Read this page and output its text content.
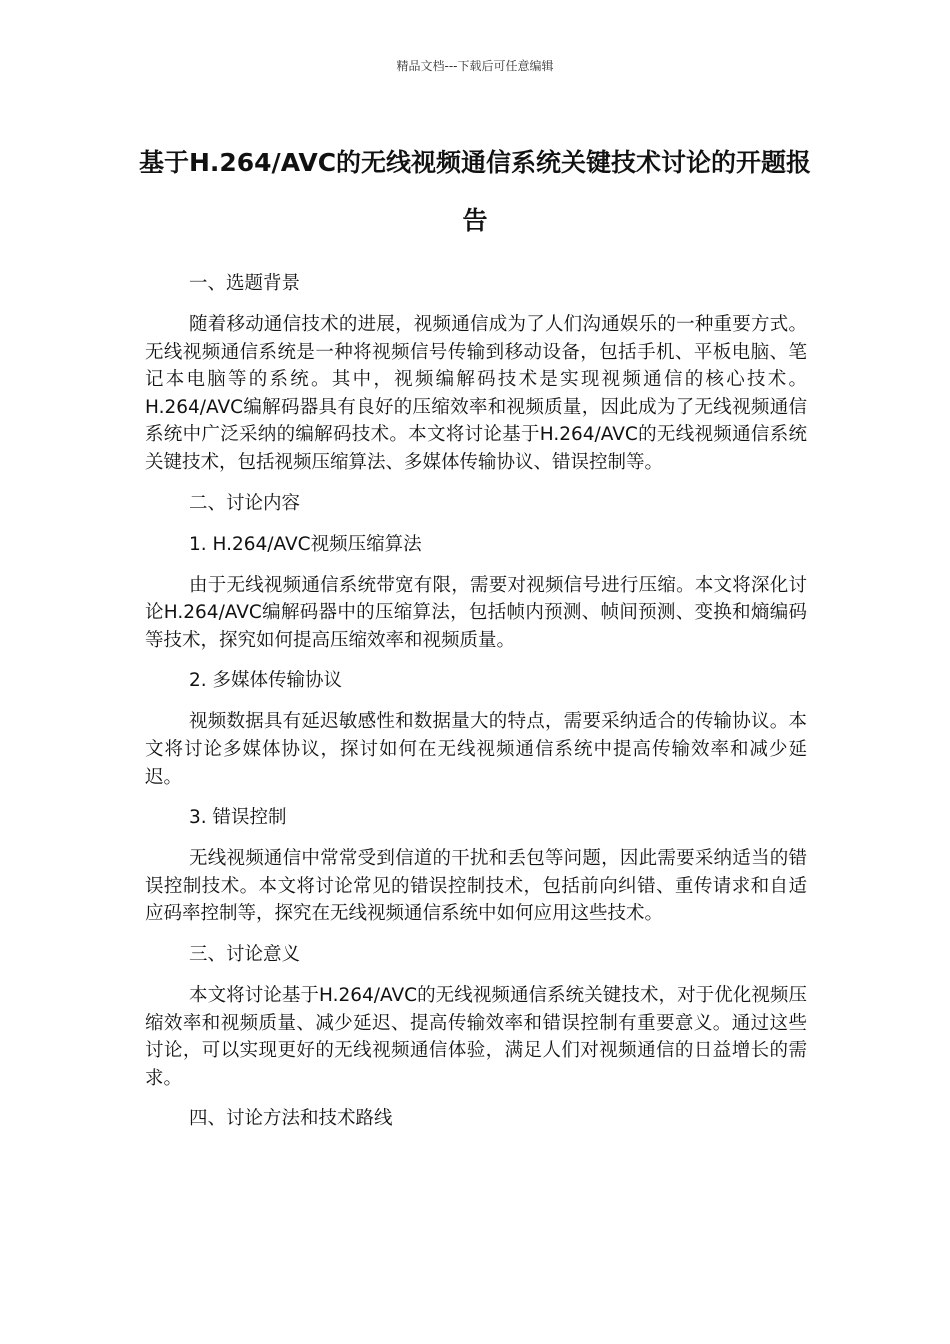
精品文档---下载后可任意编辑
基于H.264/AVC的无线视频通信系统关键技术讨论的开题报告

一、选题背景

随着移动通信技术的进展，视频通信成为了人们沟通娱乐的一种重要方式。无线视频通信系统是一种将视频信号传输到移动设备，包括手机、平板电脑、笔记本电脑等的系统。其中，视频编解码技术是实现视频通信的核心技术。H.264/AVC编解码器具有良好的压缩效率和视频质量，因此成为了无线视频通信系统中广泛采纳的编解码技术。本文将讨论基于H.264/AVC的无线视频通信系统关键技术，包括视频压缩算法、多媒体传输协议、错误控制等。

二、讨论内容

1. H.264/AVC视频压缩算法

由于无线视频通信系统带宽有限，需要对视频信号进行压缩。本文将深化讨论H.264/AVC编解码器中的压缩算法，包括帧内预测、帧间预测、变换和熵编码等技术，探究如何提高压缩效率和视频质量。

2. 多媒体传输协议

视频数据具有延迟敏感性和数据量大的特点，需要采纳适合的传输协议。本文将讨论多媒体协议，探讨如何在无线视频通信系统中提高传输效率和减少延迟。

3. 错误控制

无线视频通信中常常受到信道的干扰和丢包等问题，因此需要采纳适当的错误控制技术。本文将讨论常见的错误控制技术，包括前向纠错、重传请求和自适应码率控制等，探究在无线视频通信系统中如何应用这些技术。

三、讨论意义

本文将讨论基于H.264/AVC的无线视频通信系统关键技术，对于优化视频压缩效率和视频质量、减少延迟、提高传输效率和错误控制有重要意义。通过这些讨论，可以实现更好的无线视频通信体验，满足人们对视频通信的日益增长的需求。

四、讨论方法和技术路线
